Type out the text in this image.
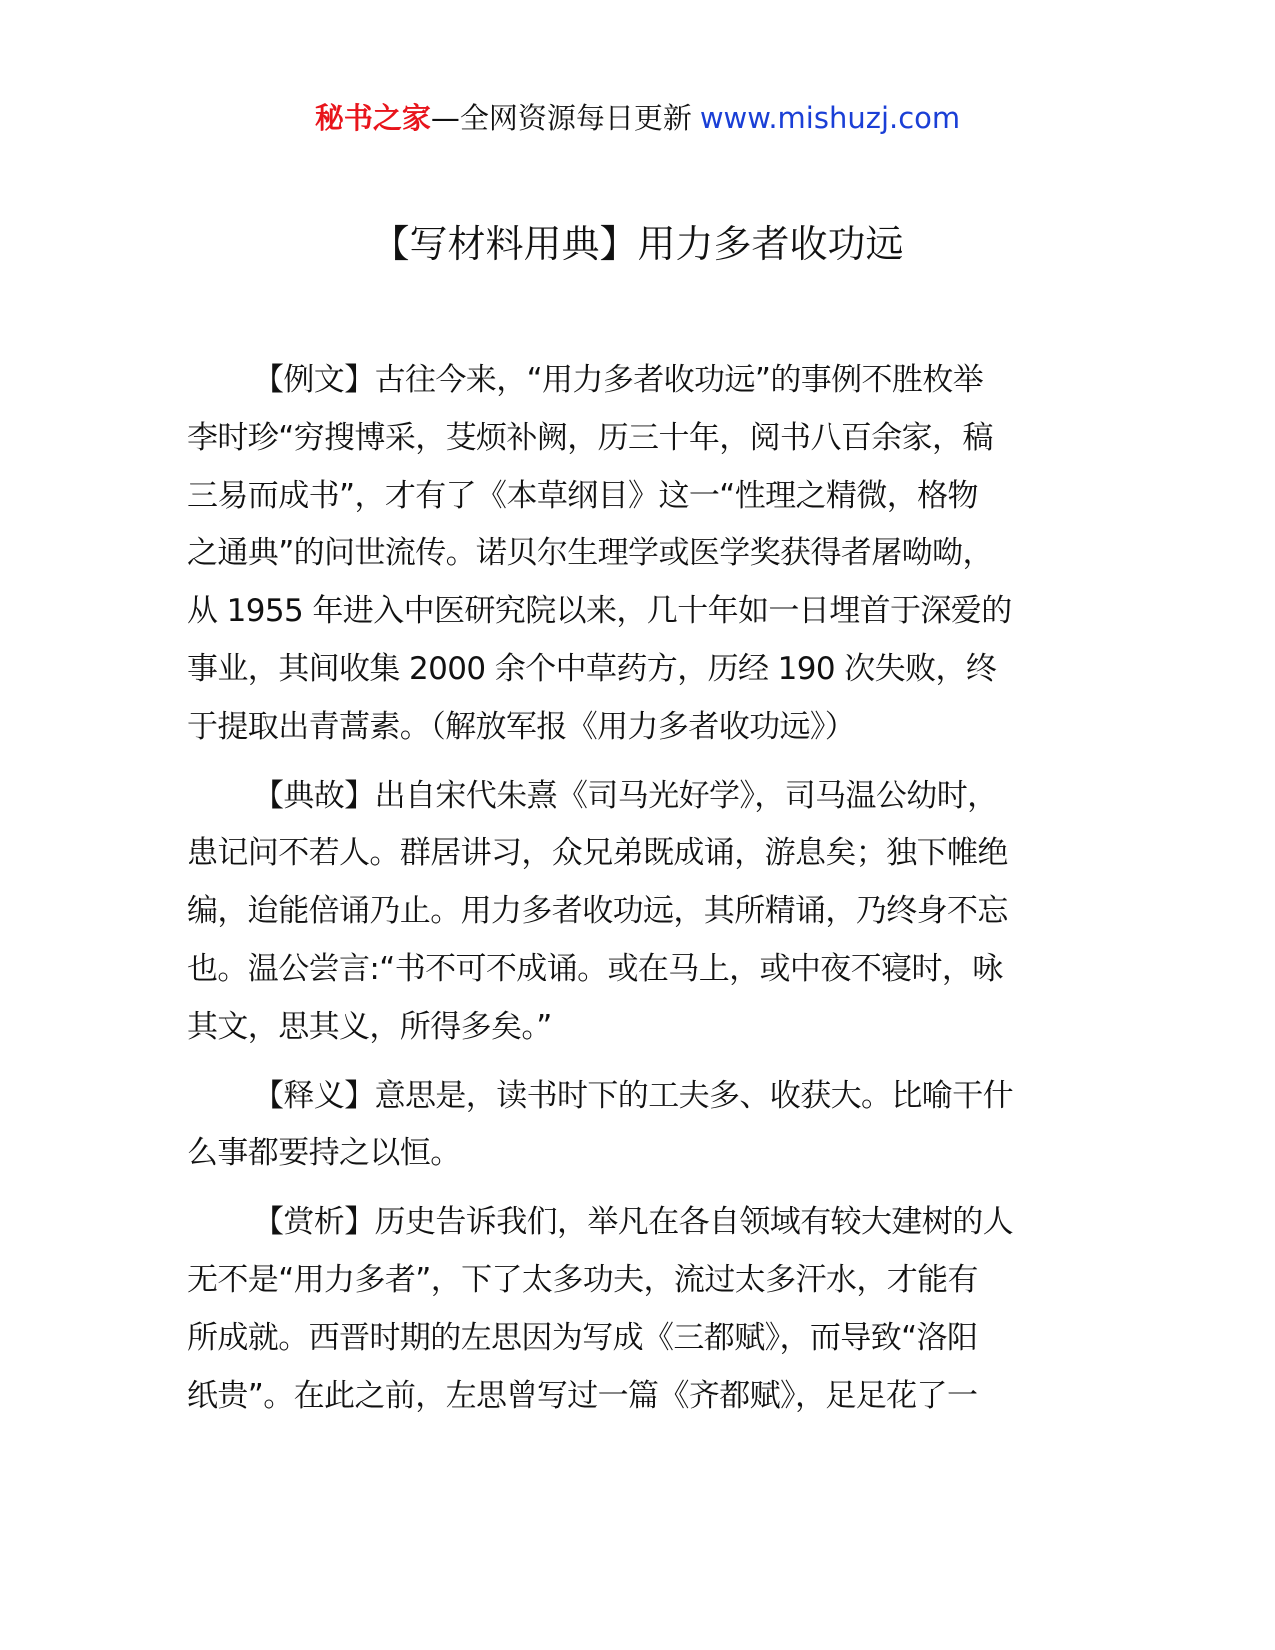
秘书之家—全网资源每日更新 www.mishuzj.com
【写材料用典】用力多者收功远

【例文】古往今来，“用力多者收功远”的事例不胜枚举
李时珍“穷搜博采，芟烦补阙，历三十年，阅书八百余家，稿
三易而成书”，才有了《本草纲目》这一“性理之精微，格物
之通典”的问世流传。诺贝尔生理学或医学奖获得者屠呦呦，
从 1955 年进入中医研究院以来，几十年如一日埋首于深爱的
事业，其间收集 2000 余个中草药方，历经 190 次失败，终
于提取出青蒿素。（解放军报《用力多者收功远》）

【典故】出自宋代朱熹《司马光好学》，司马温公幼时，
患记问不若人。群居讲习，众兄弟既成诵，游息矣；独下帷绝
编，迨能倍诵乃止。用力多者收功远，其所精诵，乃终身不忘
也。温公尝言:“书不可不成诵。或在马上，或中夜不寝时，咏
其文，思其义，所得多矣。”

【释义】意思是，读书时下的工夫多、收获大。比喻干什
么事都要持之以恒。

【赏析】历史告诉我们，举凡在各自领域有较大建树的人
无不是“用力多者”，下了太多功夫，流过太多汗水，才能有
所成就。西晋时期的左思因为写成《三都赋》，而导致“洛阳
纸贵”。在此之前，左思曾写过一篇《齐都赋》，足足花了一
